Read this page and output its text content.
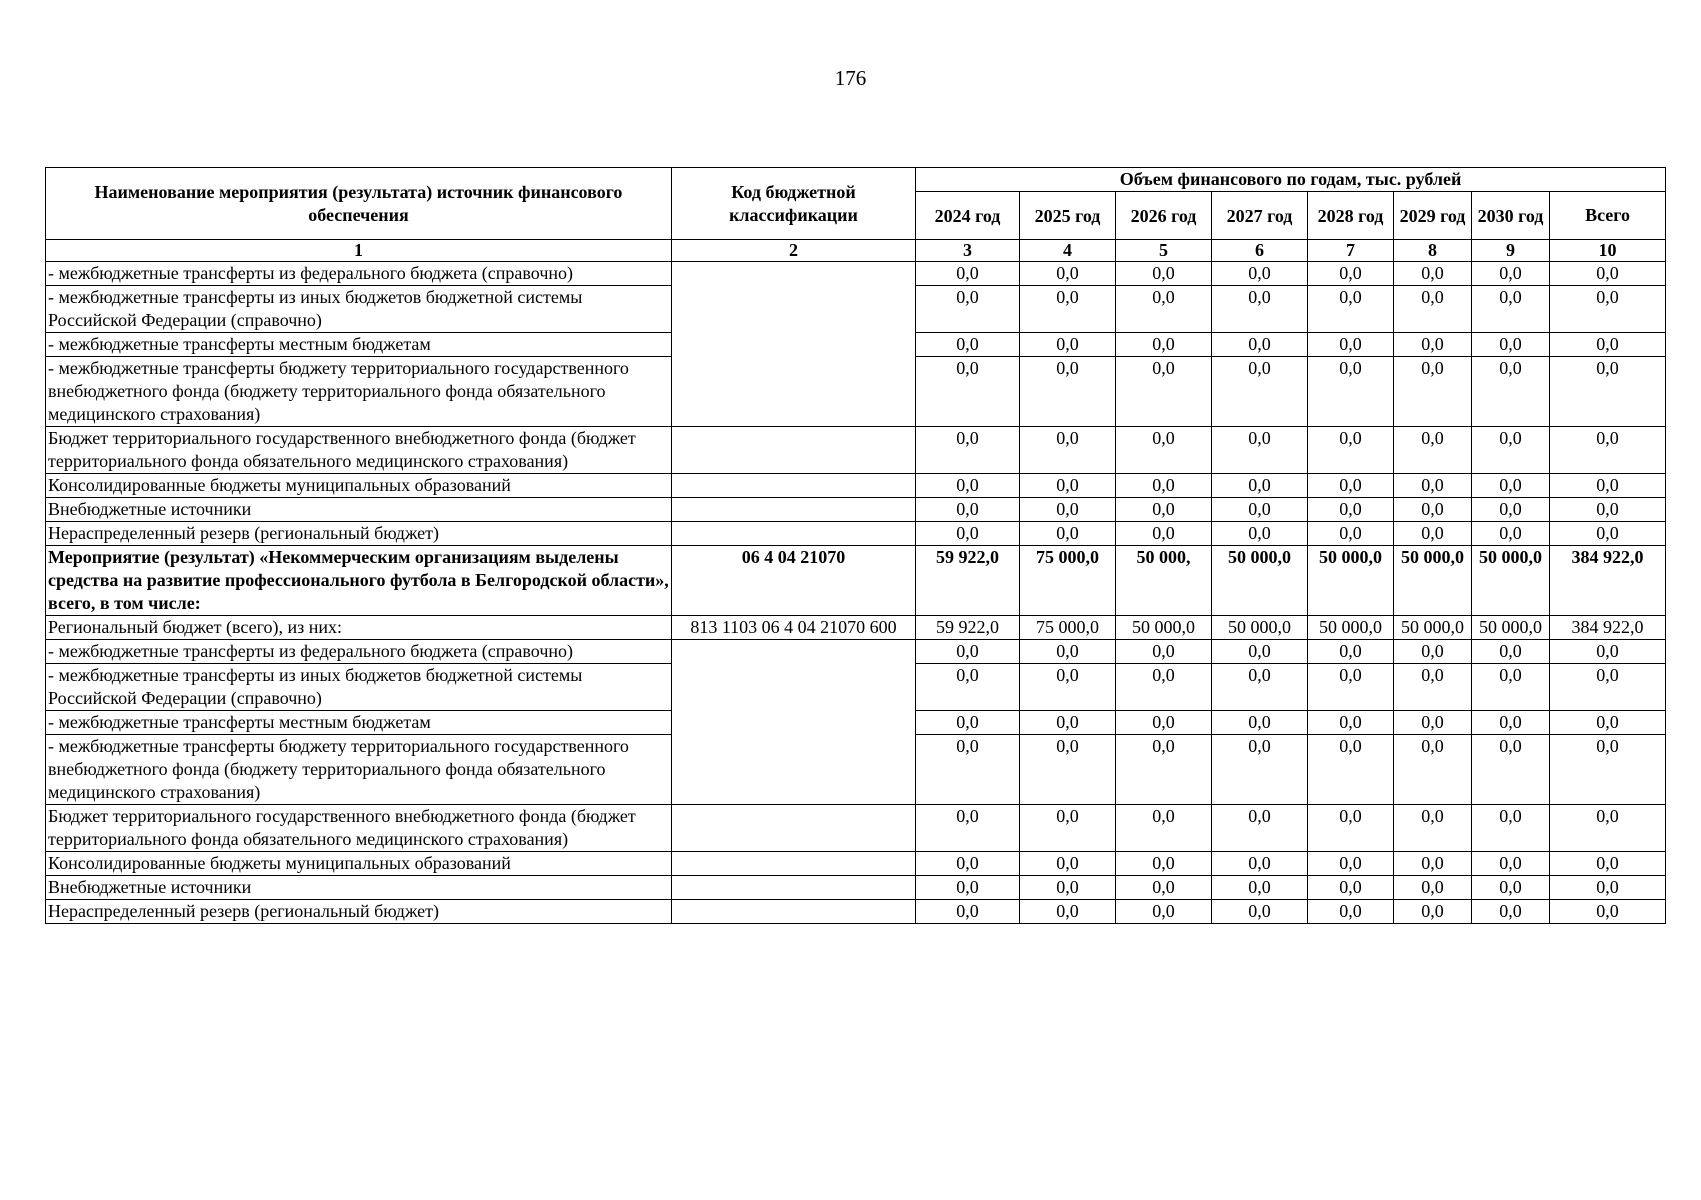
176
Наименование мероприятия (результата) источник финансового обеспечения	Код бюджетной классификации	Объем финансового по годам, тыс. рублей							
		2024 год	2025 год	2026 год	2027 год	2028 год	2029 год	2030 год	Всего
1	2	3	4	5	6	7	8	9	10
- межбюджетные трансферты из федерального бюджета (справочно)		0,0	0,0	0,0	0,0	0,0	0,0	0,0	0,0
- межбюджетные трансферты из иных бюджетов бюджетной системы Российской Федерации (справочно)		0,0	0,0	0,0	0,0	0,0	0,0	0,0	0,0
- межбюджетные трансферты местным бюджетам		0,0	0,0	0,0	0,0	0,0	0,0	0,0	0,0
- межбюджетные трансферты бюджету территориального государственного внебюджетного фонда (бюджету территориального фонда обязательного медицинского страхования)		0,0	0,0	0,0	0,0	0,0	0,0	0,0	0,0
Бюджет территориального государственного внебюджетного фонда (бюджет территориального фонда обязательного медицинского страхования)		0,0	0,0	0,0	0,0	0,0	0,0	0,0	0,0
Консолидированные бюджеты муниципальных образований		0,0	0,0	0,0	0,0	0,0	0,0	0,0	0,0
Внебюджетные источники		0,0	0,0	0,0	0,0	0,0	0,0	0,0	0,0
Нераспределенный резерв (региональный бюджет)		0,0	0,0	0,0	0,0	0,0	0,0	0,0	0,0
Мероприятие (результат) «Некоммерческим организациям выделены средства на развитие профессионального футбола в Белгородской области», всего, в том числе:	06 4 04 21070	59 922,0	75 000,0	50 000,	50 000,0	50 000,0	50 000,0	50 000,0	384 922,0
Региональный бюджет (всего), из них:	813 1103 06 4 04 21070 600	59 922,0	75 000,0	50 000,0	50 000,0	50 000,0	50 000,0	50 000,0	384 922,0
- межбюджетные трансферты из федерального бюджета (справочно)		0,0	0,0	0,0	0,0	0,0	0,0	0,0	0,0
- межбюджетные трансферты из иных бюджетов бюджетной системы Российской Федерации (справочно)		0,0	0,0	0,0	0,0	0,0	0,0	0,0	0,0
- межбюджетные трансферты местным бюджетам		0,0	0,0	0,0	0,0	0,0	0,0	0,0	0,0
- межбюджетные трансферты бюджету территориального государственного внебюджетного фонда (бюджету территориального фонда обязательного медицинского страхования)		0,0	0,0	0,0	0,0	0,0	0,0	0,0	0,0
Бюджет территориального государственного внебюджетного фонда (бюджет территориального фонда обязательного медицинского страхования)		0,0	0,0	0,0	0,0	0,0	0,0	0,0	0,0
Консолидированные бюджеты муниципальных образований		0,0	0,0	0,0	0,0	0,0	0,0	0,0	0,0
Внебюджетные источники		0,0	0,0	0,0	0,0	0,0	0,0	0,0	0,0
Нераспределенный резерв (региональный бюджет)		0,0	0,0	0,0	0,0	0,0	0,0	0,0	0,0
